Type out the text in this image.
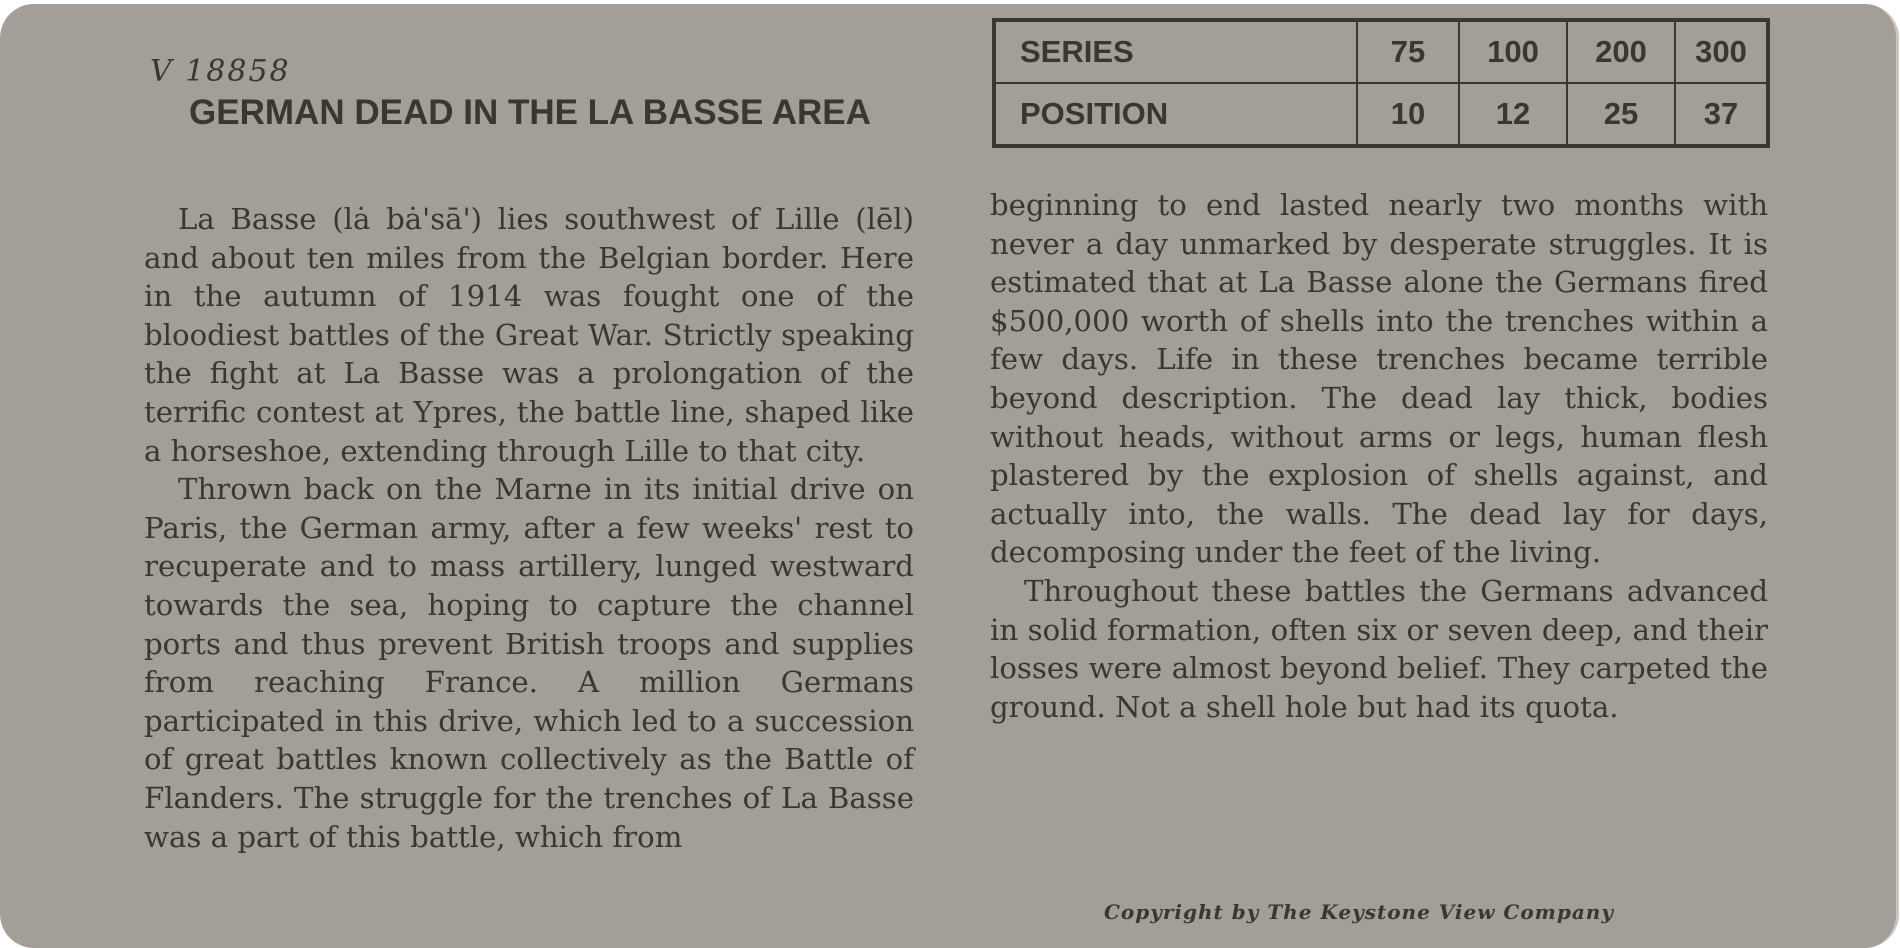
V 18858
GERMAN DEAD IN THE LA BASSE AREA
SERIES	75	100	200	300
POSITION	10	12	25	37

La Basse (lȧ bȧ'sā') lies southwest of Lille (lēl) and about ten miles from the Belgian border. Here in the autumn of 1914 was fought one of the bloodiest battles of the Great War. Strictly speaking the fight at La Basse was a prolongation of the terrific contest at Ypres, the battle line, shaped like a horseshoe, extending through Lille to that city.

Thrown back on the Marne in its initial drive on Paris, the German army, after a few weeks' rest to recuperate and to mass artillery, lunged westward towards the sea, hoping to capture the channel ports and thus prevent British troops and supplies from reaching France. A million Germans participated in this drive, which led to a succession of great battles known collectively as the Battle of Flanders. The struggle for the trenches of La Basse was a part of this battle, which from

beginning to end lasted nearly two months with never a day unmarked by desperate struggles. It is estimated that at La Basse alone the Germans fired $500,000 worth of shells into the trenches within a few days. Life in these trenches became terrible beyond description. The dead lay thick, bodies without heads, without arms or legs, human flesh plastered by the explosion of shells against, and actually into, the walls. The dead lay for days, decomposing under the feet of the living.

Throughout these battles the Germans advanced in solid formation, often six or seven deep, and their losses were almost beyond belief. They carpeted the ground. Not a shell hole but had its quota.

Copyright by The Keystone View Company
